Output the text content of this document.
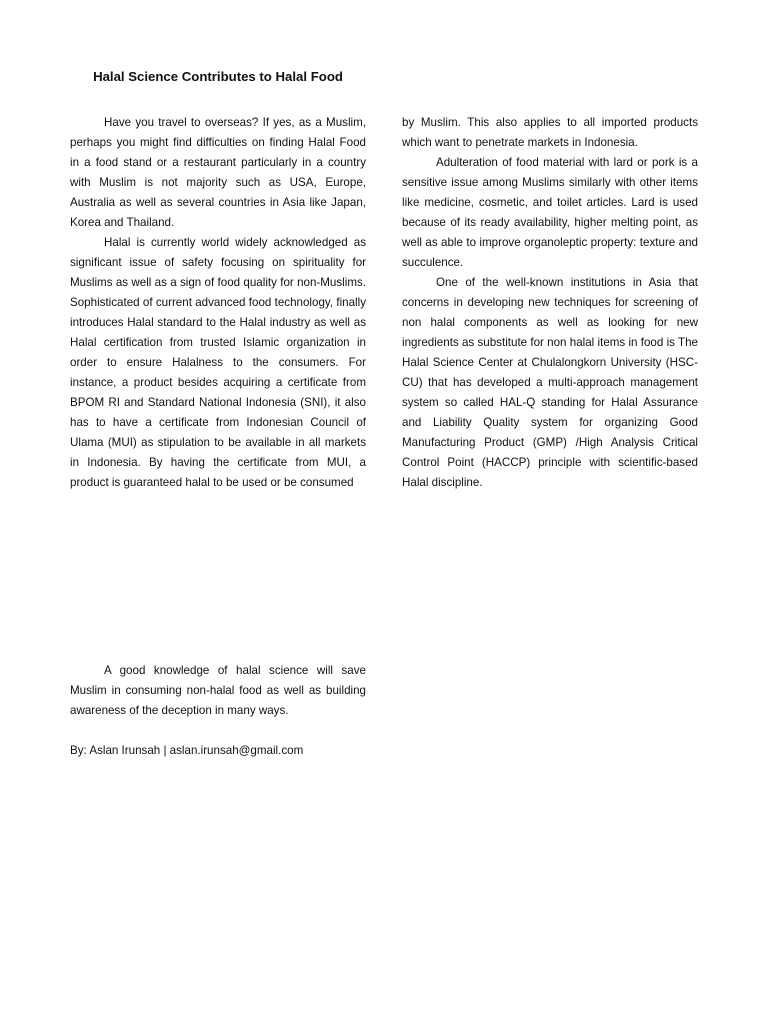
Halal Science Contributes to Halal Food

Have you travel to overseas? If yes, as a Muslim, perhaps you might find difficulties on finding Halal Food in a food stand or a restaurant particularly in a country with Muslim is not majority such as USA, Europe, Australia as well as several countries in Asia like Japan, Korea and Thailand.

Halal is currently world widely acknowledged as significant issue of safety focusing on spirituality for Muslims as well as a sign of food quality for non-Muslims. Sophisticated of current advanced food technology, finally introduces Halal standard to the Halal industry as well as Halal certification from trusted Islamic organization in order to ensure Halalness to the consumers. For instance, a product besides acquiring a certificate from BPOM RI and Standard National Indonesia (SNI), it also has to have a certificate from Indonesian Council of Ulama (MUI) as stipulation to be available in all markets in Indonesia. By having the certificate from MUI, a product is guaranteed halal to be used or be consumed

by Muslim. This also applies to all imported products which want to penetrate markets in Indonesia.

Adulteration of food material with lard or pork is a sensitive issue among Muslims similarly with other items like medicine, cosmetic, and toilet articles. Lard is used because of its ready availability, higher melting point, as well as able to improve organoleptic property: texture and succulence.

One of the well-known institutions in Asia that concerns in developing new techniques for screening of non halal components as well as looking for new ingredients as substitute for non halal items in food is The Halal Science Center at Chulalongkorn University (HSC-CU) that has developed a multi-approach management system so called HAL-Q standing for Halal Assurance and Liability Quality system for organizing Good Manufacturing Product (GMP) /High Analysis Critical Control Point (HACCP) principle with scientific-based Halal discipline.

A good knowledge of halal science will save Muslim in consuming non-halal food as well as building awareness of the deception in many ways.

By: Aslan Irunsah | aslan.irunsah@gmail.com
